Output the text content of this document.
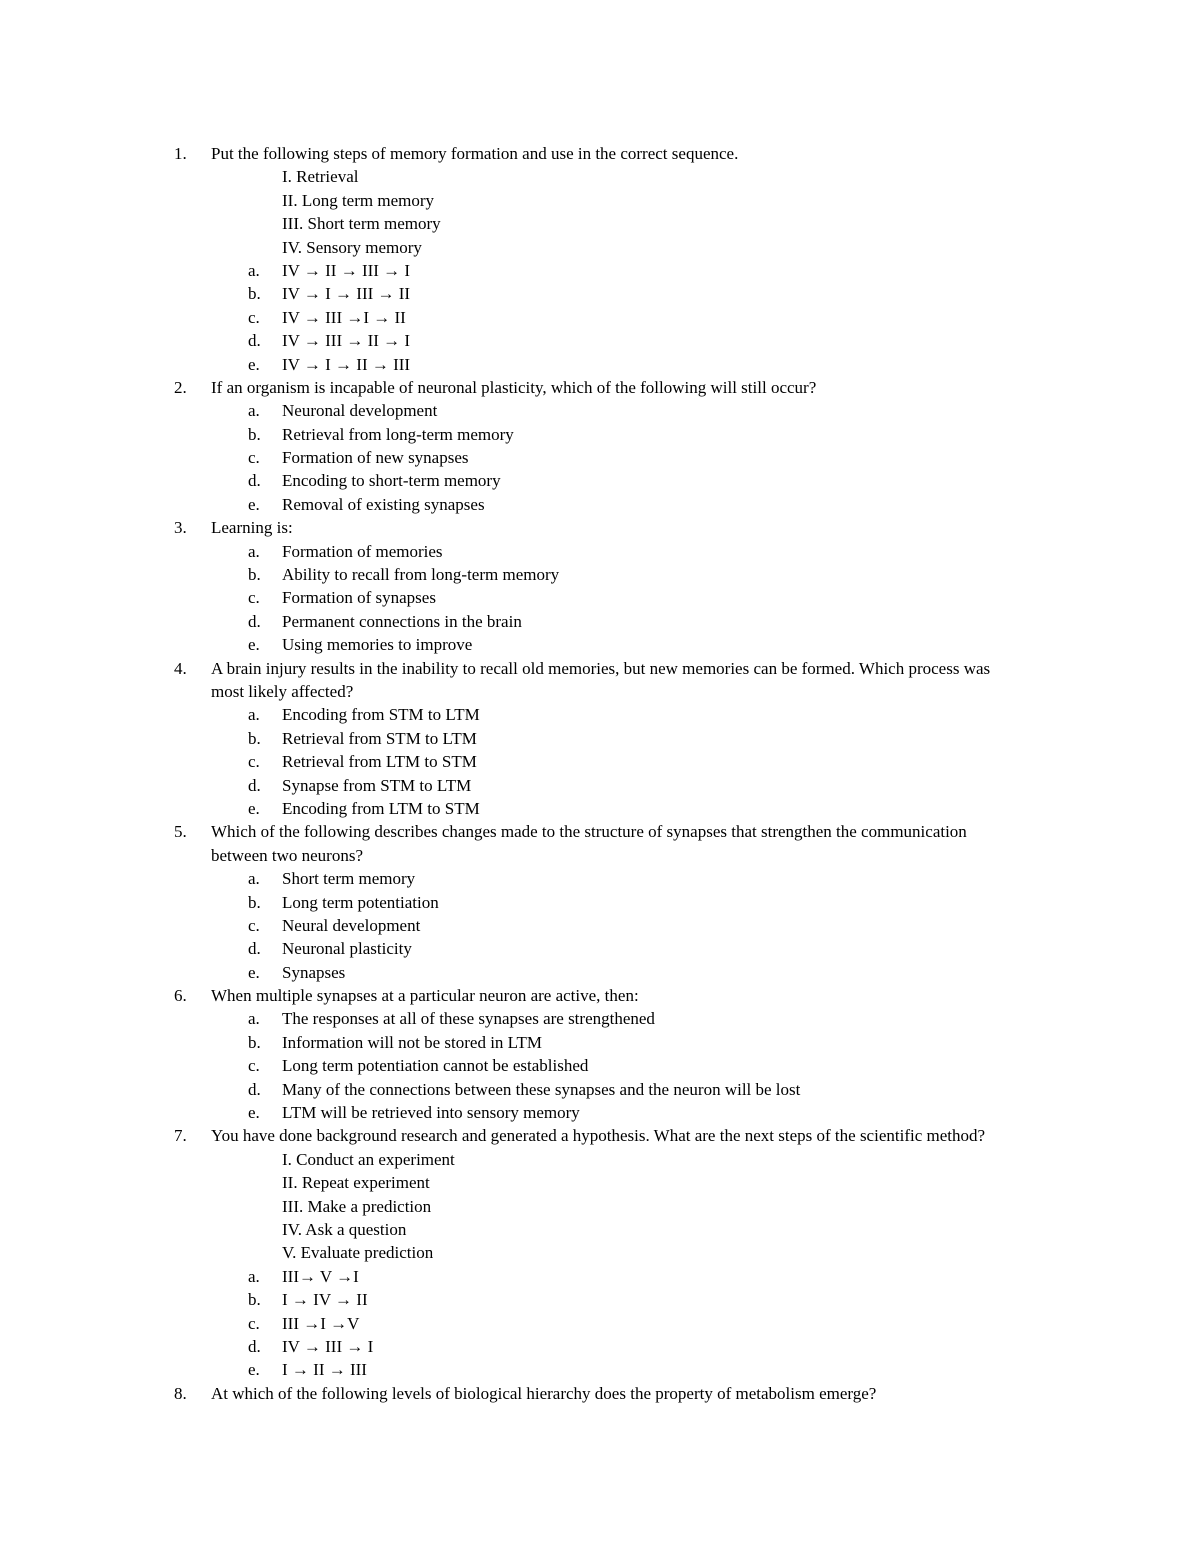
1. Put the following steps of memory formation and use in the correct sequence.
I. Retrieval
II. Long term memory
III. Short term memory
IV. Sensory memory
a. IV → II → III → I
b. IV → I → III → II
c. IV → III →I → II
d. IV → III → II → I
e. IV → I → II → III
2. If an organism is incapable of neuronal plasticity, which of the following will still occur?
a. Neuronal development
b. Retrieval from long-term memory
c. Formation of new synapses
d. Encoding to short-term memory
e. Removal of existing synapses
3. Learning is:
a. Formation of memories
b. Ability to recall from long-term memory
c. Formation of synapses
d. Permanent connections in the brain
e. Using memories to improve
4. A brain injury results in the inability to recall old memories, but new memories can be formed. Which process was
most likely affected?
a. Encoding from STM to LTM
b. Retrieval from STM to LTM
c. Retrieval from LTM to STM
d. Synapse from STM to LTM
e. Encoding from LTM to STM
5. Which of the following describes changes made to the structure of synapses that strengthen the communication
between two neurons?
a. Short term memory
b. Long term potentiation
c. Neural development
d. Neuronal plasticity
e. Synapses
6. When multiple synapses at a particular neuron are active, then:
a. The responses at all of these synapses are strengthened
b. Information will not be stored in LTM
c. Long term potentiation cannot be established
d. Many of the connections between these synapses and the neuron will be lost
e. LTM will be retrieved into sensory memory
7. You have done background research and generated a hypothesis. What are the next steps of the scientific method?
I. Conduct an experiment
II. Repeat experiment
III. Make a prediction
IV. Ask a question
V. Evaluate prediction
a. III→ V →I
b. I → IV → II
c. III →I →V
d. IV → III → I
e. I → II → III
8. At which of the following levels of biological hierarchy does the property of metabolism emerge?
